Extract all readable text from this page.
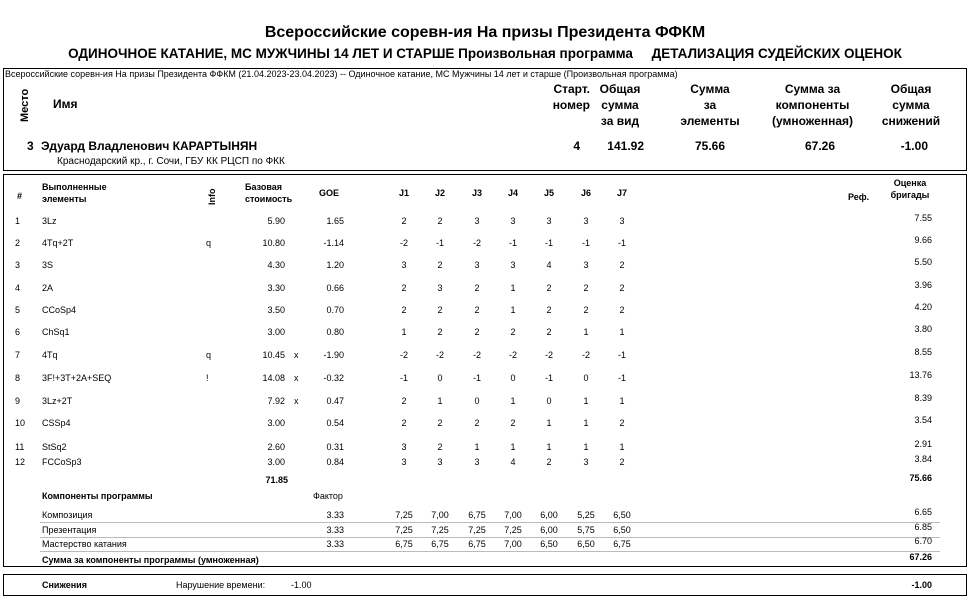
Всероссийские соревн-ия На призы Президента ФФКМ
ОДИНОЧНОЕ КАТАНИЕ, МС МУЖЧИНЫ 14 ЛЕТ И СТАРШЕ Произвольная программа     ДЕТАЛИЗАЦИЯ СУДЕЙСКИХ ОЦЕНОК
Всероссийские соревн-ия На призы Президента ФФКМ (21.04.2023-23.04.2023) -- Одиночное катание, МС Мужчины 14 лет и старше (Произвольная программа)
Место Имя
Старт.
номер
Общая
сумма
за вид
Сумма
за
элементы
Сумма за
компоненты
(умноженная)
Общая
сумма
снижений
3 Эдуард Владленович КАРАРТЫНЯН
Краснодарский кр., г. Сочи, ГБУ КК РЦСП по ФКК
4	141.92	75.66	67.26	-1.00
#
Выполненные
элементы	Info
Базовая
стоимость
GOE	J1	J2	J3	J4	J5	J6	J7	Реф.
Оценка
бригады
1 3Lz	5.90	1.65	2	2	3	3	3	3	3	7.55
2 4Tq+2T	q	10.80	-1.14	-2	-1	-2	-1	-1	-1	-1	9.66
3 3S	4.30	1.20	3	2	3	3	4	3	2	5.50
4 2A	3.30	0.66	2	3	2	1	2	2	2	3.96
5 CCoSp4	3.50	0.70	2	2	2	1	2	2	2	4.20
6 ChSq1	3.00	0.80	1	2	2	2	2	1	1	3.80
7 4Tq	q	10.45 x	-1.90	-2	-2	-2	-2	-2	-2	-1	8.55
8 3F!+3T+2A+SEQ	!	14.08 x	-0.32	-1	0	-1	0	-1	0	-1	13.76
9 3Lz+2T	7.92 x	0.47	2	1	0	1	0	1	1	8.39
10 CSSp4	3.00	0.54	2	2	2	2	1	1	2	3.54
11 StSq2	2.60	0.31	3	2	1	1	1	1	1	2.91
12 FCCoSp3	3.00	0.84	3	3	3	4	2	3	2	3.84
71.85	75.66
Компоненты программы	Фактор
Композиция	3.33	7,25	7,00	6,75	7,00	6,00	5,25	6,50	6.65
Презентация	3.33	7,25	7,25	7,25	7,25	6,00	5,75	6,50	6.85
Мастерство катания	3.33	6,75	6,75	6,75	7,00	6,50	6,50	6,75	6.70
Сумма за компоненты программы (умноженная)	67.26
Снижения	Нарушение времени:	-1.00	-1.00
